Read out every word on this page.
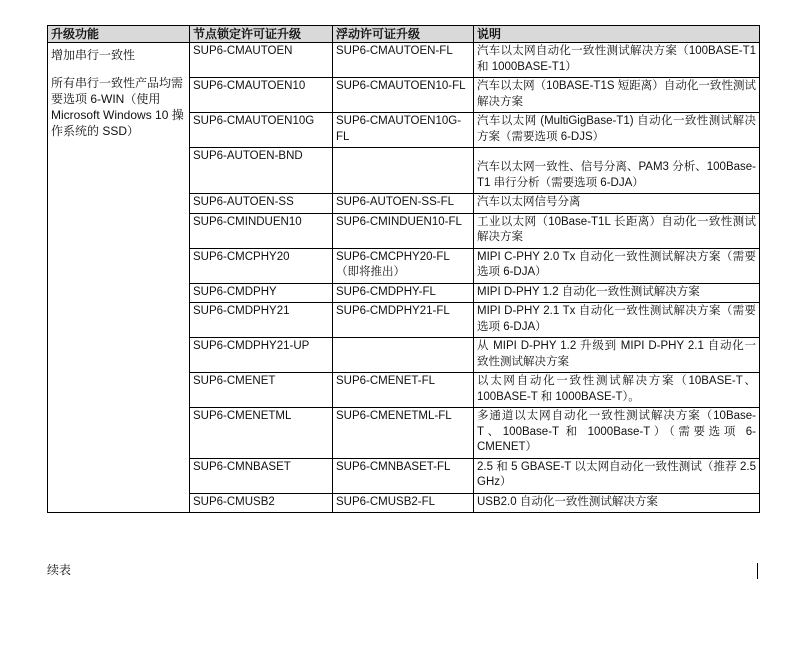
升级功能	节点锁定许可证升级	浮动许可证升级	说明

增加串行一致性
所有串行一致性产品均需要选项 6-WIN（使用 Microsoft Windows 10 操作系统的 SSD）	SUP6-CMAUTOEN	SUP6-CMAUTOEN-FL	汽车以太网自动化一致性测试解决方案（100BASE-T1 和 1000BASE-T1）
	SUP6-CMAUTOEN10	SUP6-CMAUTOEN10-FL	汽车以太网（10BASE-T1S 短距离）自动化一致性测试解决方案
	SUP6-CMAUTOEN10G	SUP6-CMAUTOEN10G-FL	汽车以太网 (MultiGigBase-T1) 自动化一致性测试解决方案（需要选项 6-DJS）
	SUP6-AUTOEN-BND		汽车以太网一致性、信号分离、PAM3 分析、100Base-T1 串行分析（需要选项 6-DJA）
	SUP6-AUTOEN-SS	SUP6-AUTOEN-SS-FL	汽车以太网信号分离
	SUP6-CMINDUEN10	SUP6-CMINDUEN10-FL	工业以太网（10Base-T1L 长距离）自动化一致性测试解决方案
	SUP6-CMCPHY20	SUP6-CMCPHY20-FL（即将推出）	MIPI C-PHY 2.0 Tx 自动化一致性测试解决方案（需要选项 6-DJA）
	SUP6-CMDPHY	SUP6-CMDPHY-FL	MIPI D-PHY 1.2 自动化一致性测试解决方案
	SUP6-CMDPHY21	SUP6-CMDPHY21-FL	MIPI D-PHY 2.1 Tx 自动化一致性测试解决方案（需要选项 6-DJA）
	SUP6-CMDPHY21-UP		从 MIPI D-PHY 1.2 升级到 MIPI D-PHY 2.1 自动化一致性测试解决方案
	SUP6-CMENET	SUP6-CMENET-FL	以太网自动化一致性测试解决方案（10BASE-T、100BASE-T 和 1000BASE-T）。
	SUP6-CMENETML	SUP6-CMENETML-FL	多通道以太网自动化一致性测试解决方案（10Base-T、100Base-T 和 1000Base-T）（需要选项 6-CMENET）
	SUP6-CMNBASET	SUP6-CMNBASET-FL	2.5 和 5 GBASE-T 以太网自动化一致性测试（推荐 2.5 GHz）
	SUP6-CMUSB2	SUP6-CMUSB2-FL	USB2.0 自动化一致性测试解决方案
续表
